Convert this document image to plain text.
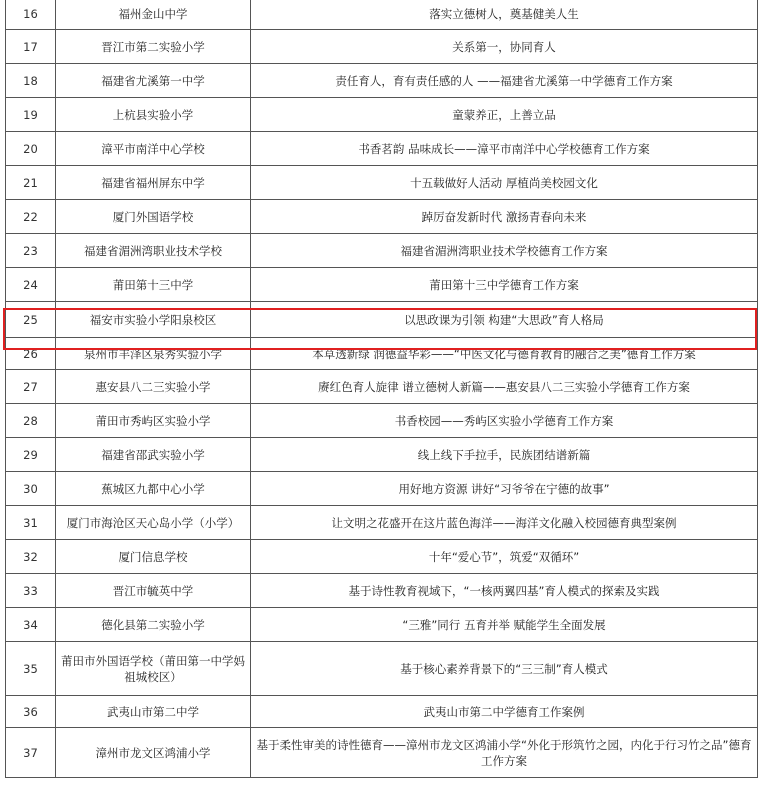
16	福州金山中学	落实立德树人，奠基健美人生
17	晋江市第二实验小学	关系第一，协同育人
18	福建省尤溪第一中学	责任育人，育有责任感的人 ——福建省尤溪第一中学德育工作方案
19	上杭县实验小学	童蒙养正，上善立品
20	漳平市南洋中心学校	书香茗韵 品味成长——漳平市南洋中心学校德育工作方案
21	福建省福州屏东中学	十五载做好人活动 厚植尚美校园文化
22	厦门外国语学校	踔厉奋发新时代 激扬青春向未来
23	福建省湄洲湾职业技术学校	福建省湄洲湾职业技术学校德育工作方案
24	莆田第十三中学	莆田第十三中学德育工作方案
25	福安市实验小学阳泉校区	以思政课为引领 构建“大思政”育人格局
26	泉州市丰泽区泉秀实验小学	本草透新绿 润德益华彩——“中医文化与德育教育的融合之美”德育工作方案
27	惠安县八二三实验小学	赓红色育人旋律 谱立德树人新篇——惠安县八二三实验小学德育工作方案
28	莆田市秀屿区实验小学	书香校园——秀屿区实验小学德育工作方案
29	福建省邵武实验小学	线上线下手拉手，民族团结谱新篇
30	蕉城区九都中心小学	用好地方资源 讲好“习爷爷在宁德的故事”
31	厦门市海沧区天心岛小学（小学）	让文明之花盛开在这片蓝色海洋——海洋文化融入校园德育典型案例
32	厦门信息学校	十年“爱心节”，筑爱“双循环”
33	晋江市毓英中学	基于诗性教育视域下，“一核两翼四基”育人模式的探索及实践
34	德化县第二实验小学	“三雅”同行 五育并举 赋能学生全面发展
35	莆田市外国语学校（莆田第一中学妈祖城校区）	基于核心素养背景下的“三三制”育人模式
36	武夷山市第二中学	武夷山市第二中学德育工作案例
37	漳州市龙文区鸿浦小学	基于柔性审美的诗性德育——漳州市龙文区鸿浦小学“外化于形筑竹之园，内化于行习竹之品”德育工作方案
